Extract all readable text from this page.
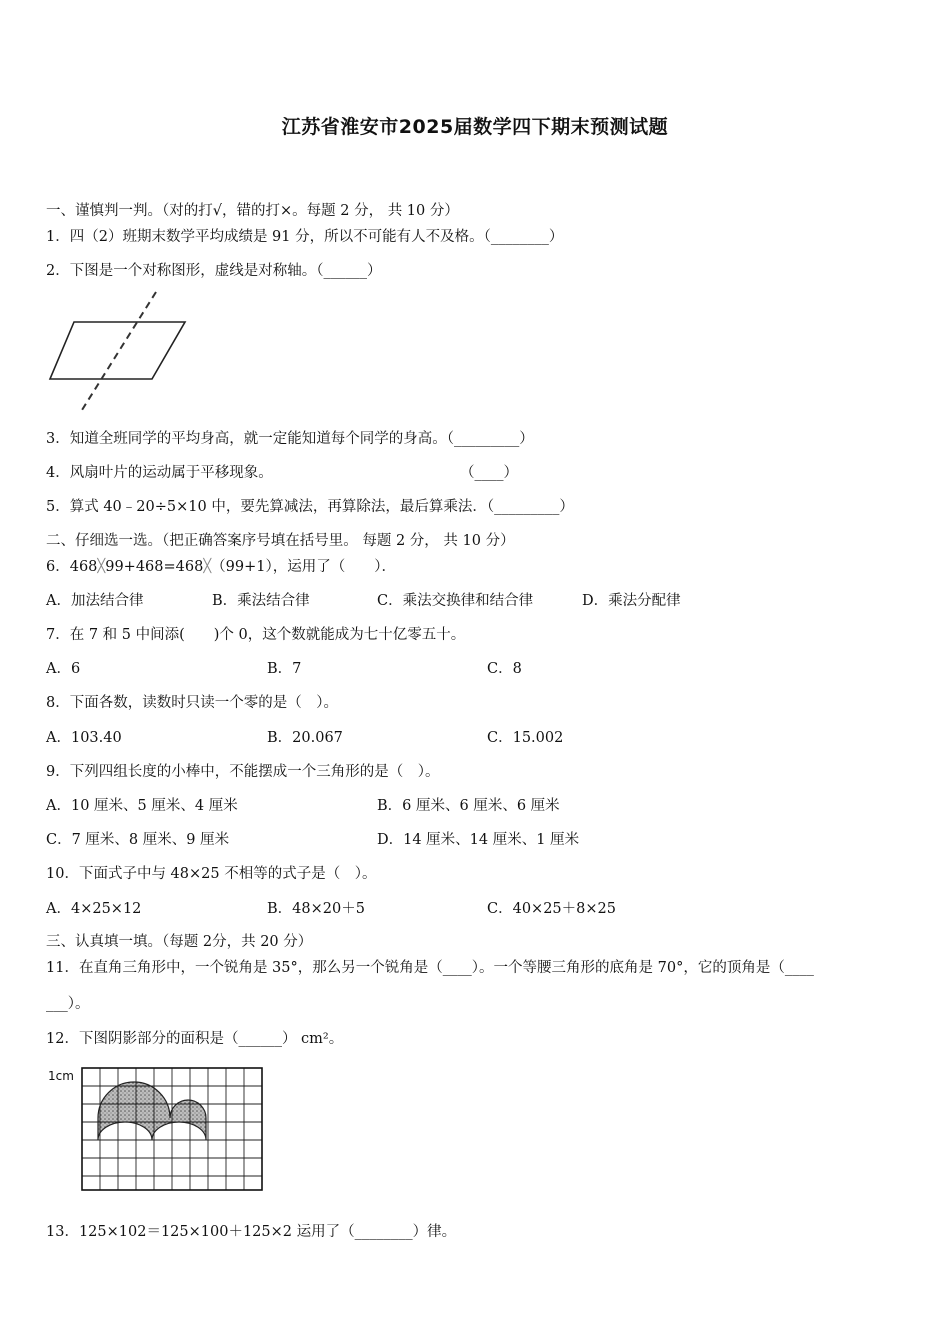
江苏省淮安市2025届数学四下期末预测试题
一、谨慎判一判。（对的打√，错的打×。每题 2 分， 共 10 分）
1．四（2）班期末数学平均成绩是 91 分，所以不可能有人不及格。（________）
2．下图是一个对称图形，虚线是对称轴。（______）
3．知道全班同学的平均身高，就一定能知道每个同学的身高。（_________）
4．风扇叶片的运动属于平移现象。	（____）
5．算式 40﹣20÷5×10 中，要先算减法，再算除法，最后算乘法．（_________）
二、仔细选一选。（把正确答案序号填在括号里。 每题 2 分， 共 10 分）
6．468╳99+468=468╳（99+1），运用了（　　）．
A．加法结合律	B．乘法结合律	C．乘法交换律和结合律	D．乘法分配律
7．在 7 和 5 中间添(　　)个 0，这个数就能成为七十亿零五十。
A．6	B．7	C．8
8．下面各数，读数时只读一个零的是（　）。
A．103.40	B．20.067	C．15.002
9．下列四组长度的小棒中，不能摆成一个三角形的是（　）。
A．10 厘米、5 厘米、4 厘米	B．6 厘米、6 厘米、6 厘米
C．7 厘米、8 厘米、9 厘米	D．14 厘米、14 厘米、1 厘米
10．下面式子中与 48×25 不相等的式子是（　）。
A．4×25×12	B．48×20＋5	C．40×25＋8×25
三、认真填一填。（每题 2分，共 20 分）
11．在直角三角形中，一个锐角是 35°，那么另一个锐角是（____）。一个等腰三角形的底角是 70°，它的顶角是（____
___）。
12．下图阴影部分的面积是（______） cm²。
1cm
13．125×102＝125×100＋125×2 运用了（________）律。
